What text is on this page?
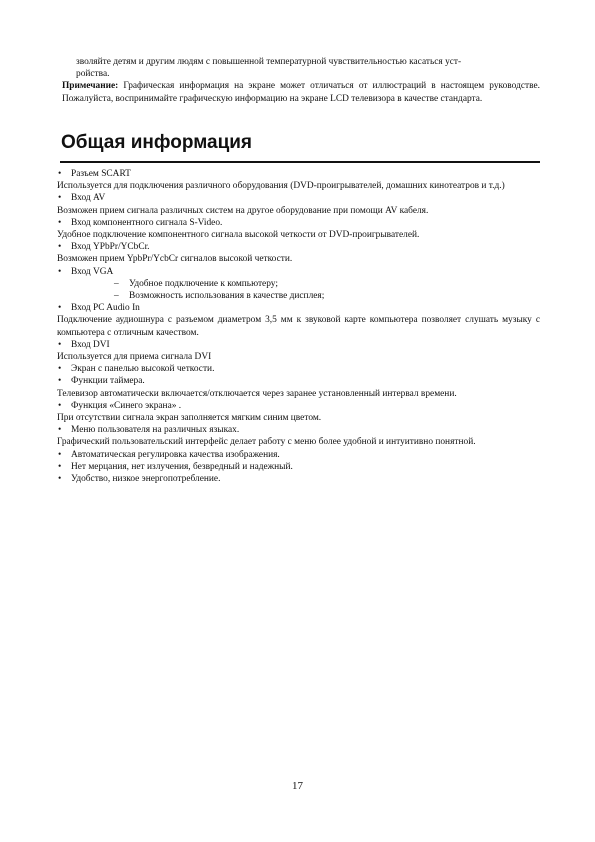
зволяйте детям и другим людям с повышенной температурной чувствительностью касаться уст-
ройства.
Примечание: Графическая информация на экране может отличаться от иллюстраций в настоящем руководстве. Пожалуйста, воспринимайте графическую информацию на экране LCD телевизора в качестве стандарта.
Общая информация
• Разъем SCART
Используется для подключения различного оборудования (DVD-проигрывателей, домашних кинотеатров и т.д.)
• Вход AV
Возможен прием сигнала различных систем на другое оборудование при помощи AV кабеля.
• Вход компонентного сигнала S-Video.
Удобное подключение компонентного сигнала высокой четкости от DVD-проигрывателей.
• Вход YPbPr/YCbCr.
Возможен прием YpbPr/YcbCr сигналов высокой четкости.
• Вход VGA
– Удобное подключение к компьютеру;
– Возможность использования в качестве дисплея;
• Вход PC Audio In
Подключение аудиошнура с разъемом диаметром 3,5 мм к звуковой карте компьютера позволяет слушать музыку с компьютера с отличным качеством.
• Вход DVI
Используется для приема сигнала DVI
• Экран с панелью высокой четкости.
• Функции таймера.
Телевизор автоматически включается/отключается через заранее установленный интервал времени.
• Функция «Синего экрана» .
При отсутствии сигнала экран заполняется мягким синим цветом.
• Меню пользователя на различных языках.
Графический пользовательский интерфейс делает работу с меню более удобной и интуитивно понятной.
• Автоматическая регулировка качества изображения.
• Нет мерцания, нет излучения, безвредный и надежный.
• Удобство, низкое энергопотребление.
17
